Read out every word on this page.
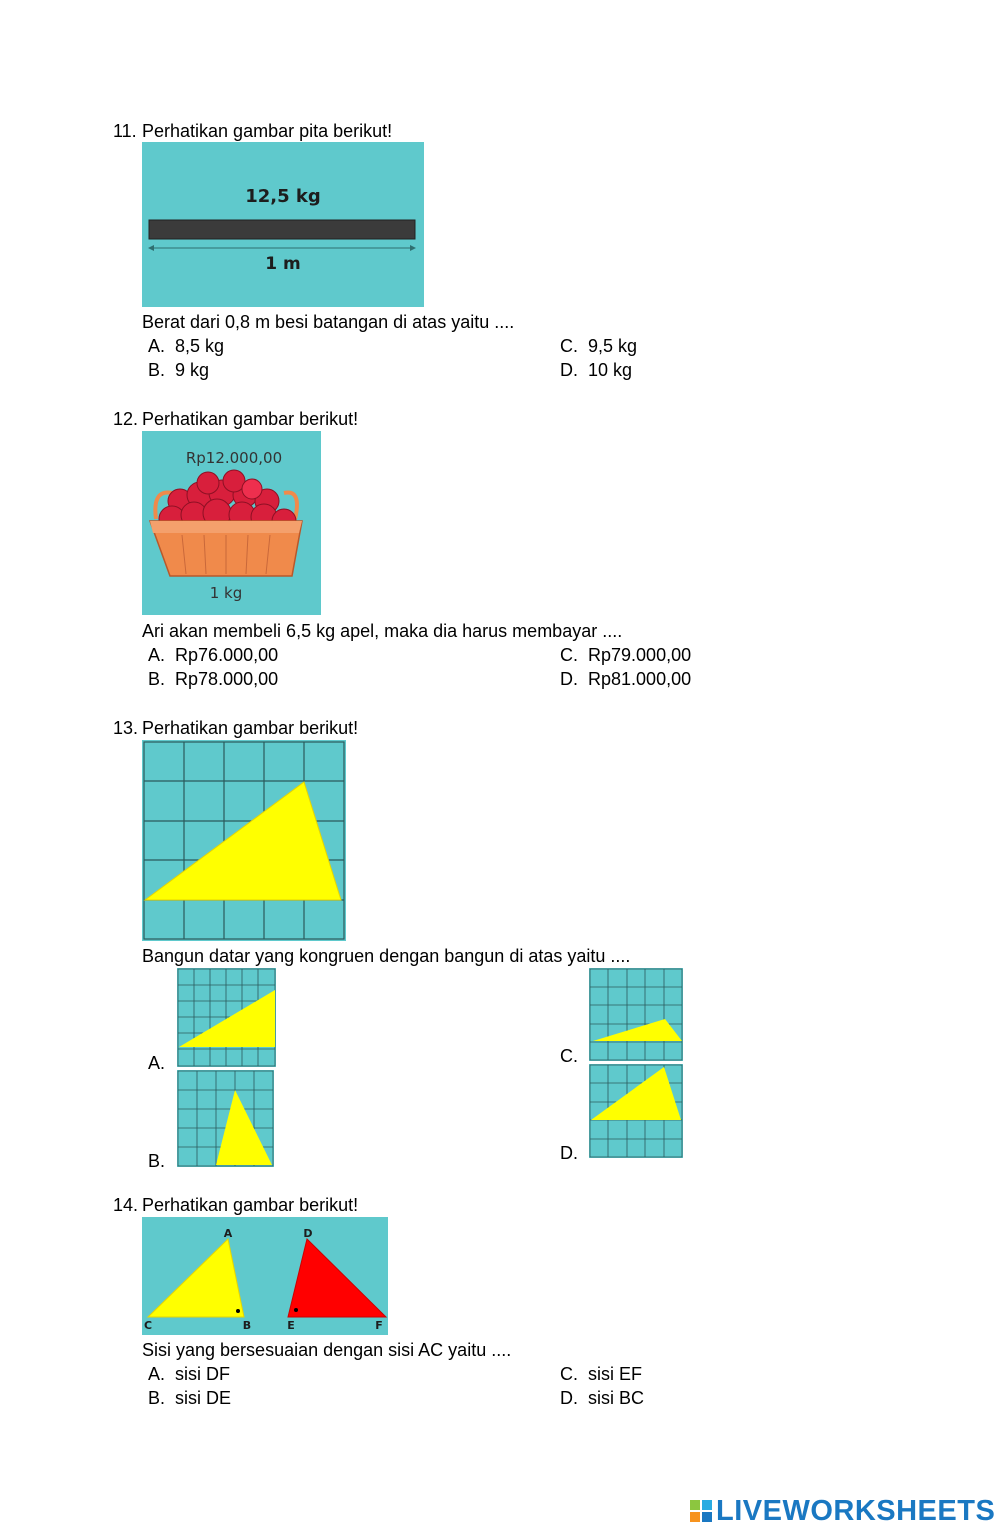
11. Perhatikan gambar pita berikut!
12,5 kg
1 m
Berat dari 0,8 m besi batangan di atas yaitu ....
A. 8,5 kg	C. 9,5 kg
B. 9 kg	D. 10 kg
12. Perhatikan gambar berikut!
Rp12.000,00
1 kg
Ari akan membeli 6,5 kg apel, maka dia harus membayar ....
A. Rp76.000,00	C. Rp79.000,00
B. Rp78.000,00	D. Rp81.000,00
13. Perhatikan gambar berikut!
Bangun datar yang kongruen dengan bangun di atas yaitu ....
A.
B.
C.
D.
14. Perhatikan gambar berikut!
A
B
C
D
E	F
Sisi yang bersesuaian dengan sisi AC yaitu ....
A. sisi DF	C. sisi EF
B. sisi DE	D. sisi BC
LIVEWORKSHEETS
